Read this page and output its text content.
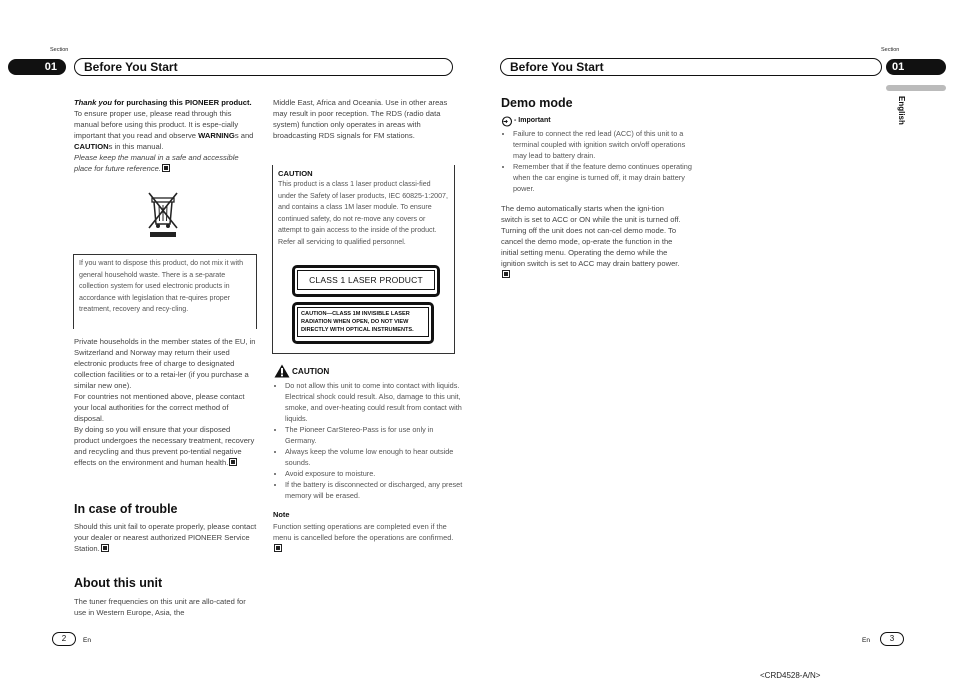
Section
01	Before You Start
Thank you for purchasing this PIONEER product.
To ensure proper use, please read through this manual before using this product. It is espe-cially important that you read and observe WARNINGs and CAUTIONs in this manual.
Please keep the manual in a safe and accessible place for future reference.
If you want to dispose this product, do not mix it with general household waste. There is a se-parate collection system for used electronic products in accordance with legislation that re-quires proper treatment, recovery and recy-cling.
Private households in the member states of the EU, in Switzerland and Norway may return their used electronic products free of charge to designated collection facilities or to a retai-ler (if you purchase a similar new one).
For countries not mentioned above, please contact your local authorities for the correct method of disposal.
By doing so you will ensure that your disposed product undergoes the necessary treatment, recovery and recycling and thus prevent po-tential negative effects on the environment and human health.
In case of trouble
Should this unit fail to operate properly, please contact your dealer or nearest authorized PIONEER Service Station.
About this unit
The tuner frequencies on this unit are allo-cated for use in Western Europe, Asia, the
Middle East, Africa and Oceania. Use in other areas may result in poor reception. The RDS (radio data system) function only operates in areas with broadcasting RDS signals for FM stations.
CAUTION
This product is a class 1 laser product classi-fied under the Safety of laser products, IEC 60825-1:2007, and contains a class 1M laser module. To ensure continued safety, do not re-move any covers or attempt to gain access to the inside of the product. Refer all servicing to qualified personnel.
CLASS 1 LASER PRODUCT
CAUTION—CLASS 1M INVISIBLE LASER RADIATION WHEN OPEN, DO NOT VIEW DIRECTLY WITH OPTICAL INSTRUMENTS.
CAUTION
• Do not allow this unit to come into contact with liquids. Electrical shock could result. Also, damage to this unit, smoke, and over-heating could result from contact with liquids.
• The Pioneer CarStereo-Pass is for use only in Germany.
• Always keep the volume low enough to hear outside sounds.
• Avoid exposure to moisture.
• If the battery is disconnected or discharged, any preset memory will be erased.
Note
Function setting operations are completed even if the menu is cancelled before the operations are confirmed.
2	En
Section
Before You Start	01
English
Demo mode
- Important
• Failure to connect the red lead (ACC) of this unit to a terminal coupled with ignition switch on/off operations may lead to battery drain.
• Remember that if the feature demo continues operating when the car engine is turned off, it may drain battery power.
The demo automatically starts when the igni-tion switch is set to ACC or ON while the unit is turned off. Turning off the unit does not can-cel demo mode. To cancel the demo mode, op-erate the function in the initial setting menu. Operating the demo while the ignition switch is set to ACC may drain battery power.
En	3
<CRD4528-A/N>
